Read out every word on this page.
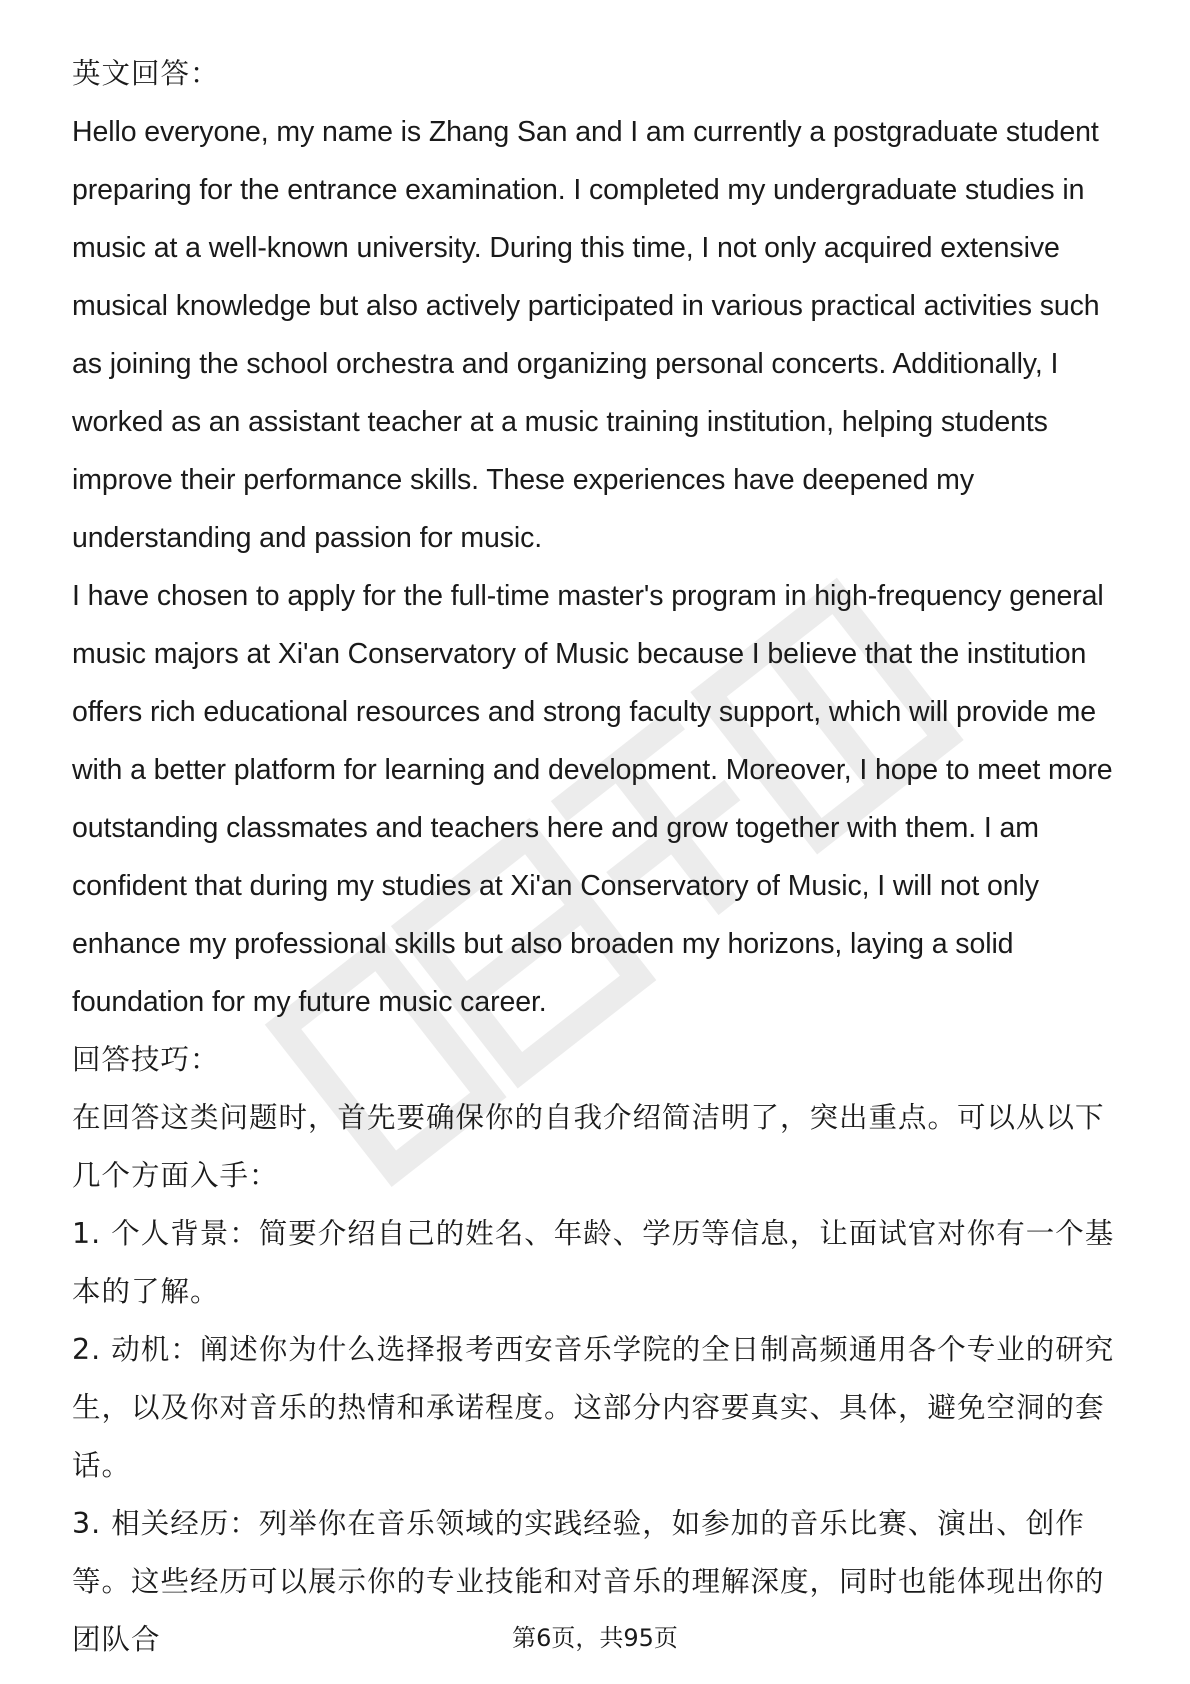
英文回答：

Hello everyone, my name is Zhang San and I am currently a postgraduate student preparing for the entrance examination. I completed my undergraduate studies in music at a well-known university. During this time, I not only acquired extensive musical knowledge but also actively participated in various practical activities such as joining the school orchestra and organizing personal concerts. Additionally, I worked as an assistant teacher at a music training institution, helping students improve their performance skills. These experiences have deepened my understanding and passion for music.

I have chosen to apply for the full-time master's program in high-frequency general music majors at Xi'an Conservatory of Music because I believe that the institution offers rich educational resources and strong faculty support, which will provide me with a better platform for learning and development. Moreover, I hope to meet more outstanding classmates and teachers here and grow together with them. I am confident that during my studies at Xi'an Conservatory of Music, I will not only enhance my professional skills but also broaden my horizons, laying a solid foundation for my future music career.

回答技巧：

在回答这类问题时，首先要确保你的自我介绍简洁明了，突出重点。可以从以下几个方面入手：

1. 个人背景：简要介绍自己的姓名、年龄、学历等信息，让面试官对你有一个基本的了解。

2. 动机：阐述你为什么选择报考西安音乐学院的全日制高频通用各个专业的研究生，以及你对音乐的热情和承诺程度。这部分内容要真实、具体，避免空洞的套话。

3. 相关经历：列举你在音乐领域的实践经验，如参加的音乐比赛、演出、创作等。这些经历可以展示你的专业技能和对音乐的理解深度，同时也能体现出你的团队合	第6页，共95页
